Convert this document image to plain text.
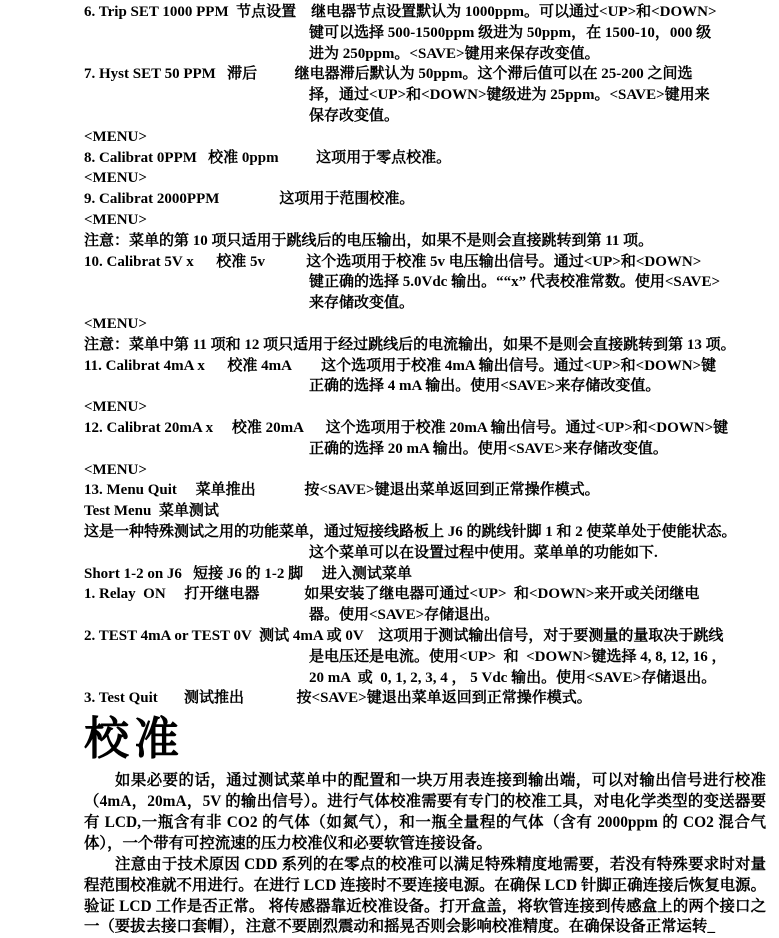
6. Trip SET 1000 PPM  节点设置    继电器节点设置默认为 1000ppm。可以通过<UP>和<DOWN>
键可以选择 500-1500ppm 级进为 50ppm，在 1500-10，000 级
进为 250ppm。<SAVE>键用来保存改变值。
7. Hyst SET 50 PPM   滞后          继电器滞后默认为 50ppm。这个滞后值可以在 25-200 之间选
择，通过<UP>和<DOWN>键级进为 25ppm。<SAVE>键用来
保存改变值。
<MENU>
8. Calibrat 0PPM   校准 0ppm          这项用于零点校准。
<MENU>
9. Calibrat 2000PPM                这项用于范围校准。
<MENU>
注意：菜单的第 10 项只适用于跳线后的电压输出，如果不是则会直接跳转到第 11 项。
10. Calibrat 5V x      校准 5v           这个选项用于校准 5v 电压输出信号。通过<UP>和<DOWN>
键正确的选择 5.0Vdc 输出。““x” 代表校准常数。使用<SAVE>
来存储改变值。
<MENU>
注意：菜单中第 11 项和 12 项只适用于经过跳线后的电流输出，如果不是则会直接跳转到第 13 项。
11. Calibrat 4mA x      校准 4mA        这个选项用于校准 4mA 输出信号。通过<UP>和<DOWN>键
正确的选择 4 mA 输出。使用<SAVE>来存储改变值。
<MENU>
12. Calibrat 20mA x     校准 20mA      这个选项用于校准 20mA 输出信号。通过<UP>和<DOWN>键
正确的选择 20 mA 输出。使用<SAVE>来存储改变值。
<MENU>
13. Menu Quit     菜单推出             按<SAVE>键退出菜单返回到正常操作模式。
Test Menu  菜单测试
这是一种特殊测试之用的功能菜单，通过短接线路板上 J6 的跳线针脚 1 和 2 使菜单处于使能状态。
这个菜单可以在设置过程中使用。菜单单的功能如下.
Short 1-2 on J6   短接 J6 的 1-2 脚     进入测试菜单
1. Relay  ON     打开继电器            如果安装了继电器可通过<UP>  和<DOWN>来开或关闭继电
器。使用<SAVE>存储退出。
2. TEST 4mA or TEST 0V  测试 4mA 或 0V    这项用于测试输出信号，对于要测量的量取决于跳线
是电压还是电流。使用<UP>  和  <DOWN>键选择 4, 8, 12, 16 ，
20 mA  或  0, 1, 2, 3, 4 ， 5 Vdc 输出。使用<SAVE>存储退出。
3. Test Quit       测试推出              按<SAVE>键退出菜单返回到正常操作模式。
校准
如果必要的话，通过测试菜单中的配置和一块万用表连接到输出端，可以对输出信号进行校准（4mA，20mA，5V 的输出信号）。进行气体校准需要有专门的校准工具，对电化学类型的变送器要有 LCD,一瓶含有非 CO2 的气体（如氮气），和一瓶全量程的气体（含有 2000ppm 的 CO2 混合气体），一个带有可控流速的压力校准仪和必要软管连接设备。
注意由于技术原因 CDD 系列的在零点的校准可以满足特殊精度地需要，若没有特殊要求时对量程范围校准就不用进行。在进行 LCD 连接时不要连接电源。在确保 LCD 针脚正确连接后恢复电源。验证 LCD 工作是否正常。 将传感器靠近校准设备。打开盒盖，将软管连接到传感盒上的两个接口之一（要拔去接口套帽），注意不要剧烈震动和摇晃否则会影响校准精度。在确保设备正常运转_
